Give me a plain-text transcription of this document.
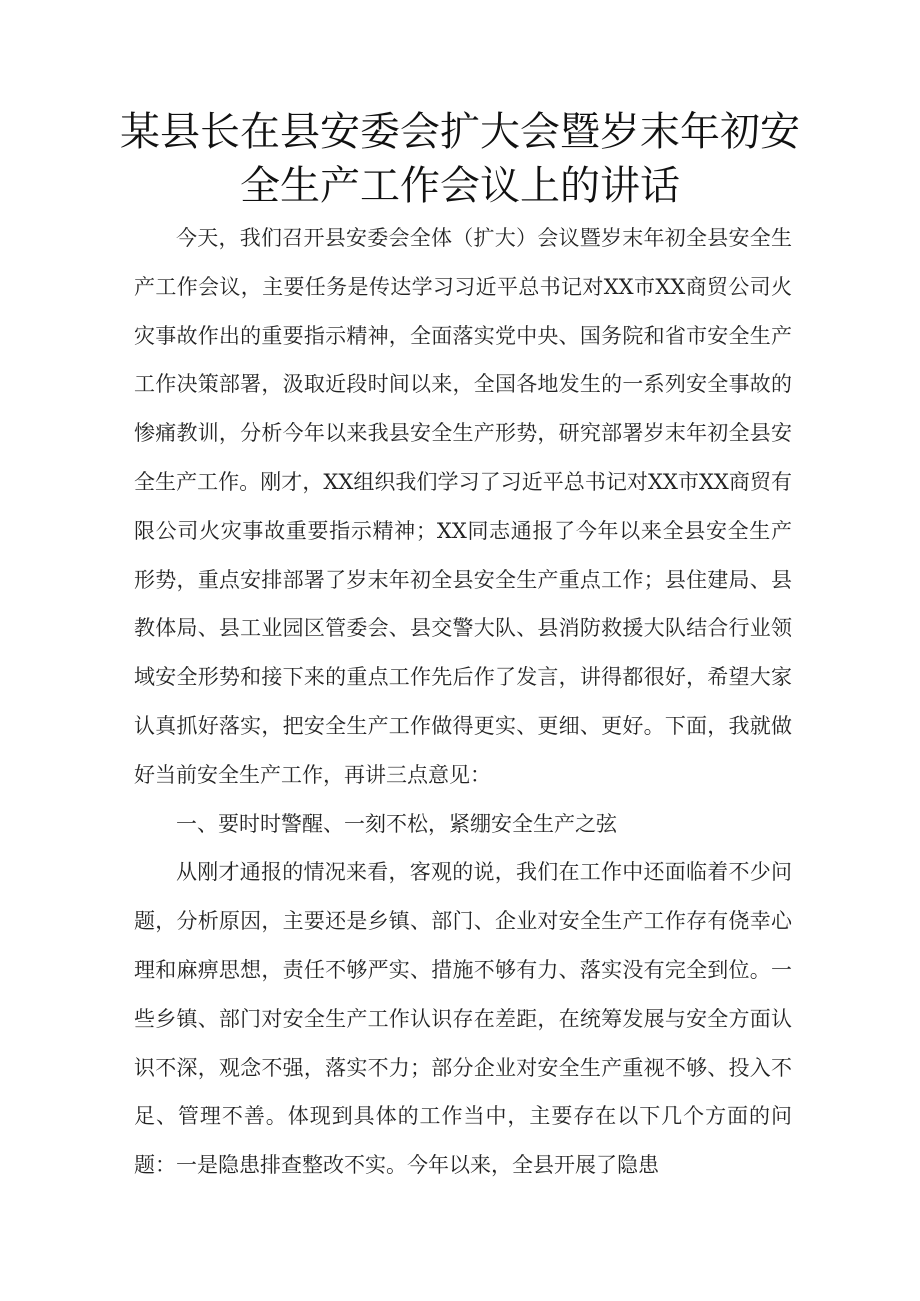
某县长在县安委会扩大会暨岁末年初安全生产工作会议上的讲话

今天，我们召开县安委会全体（扩大）会议暨岁末年初全县安全生产工作会议，主要任务是传达学习习近平总书记对XX市XX商贸公司火灾事故作出的重要指示精神，全面落实党中央、国务院和省市安全生产工作决策部署，汲取近段时间以来，全国各地发生的一系列安全事故的惨痛教训，分析今年以来我县安全生产形势，研究部署岁末年初全县安全生产工作。刚才，XX组织我们学习了习近平总书记对XX市XX商贸有限公司火灾事故重要指示精神；XX同志通报了今年以来全县安全生产形势，重点安排部署了岁末年初全县安全生产重点工作；县住建局、县教体局、县工业园区管委会、县交警大队、县消防救援大队结合行业领域安全形势和接下来的重点工作先后作了发言，讲得都很好，希望大家认真抓好落实，把安全生产工作做得更实、更细、更好。下面，我就做好当前安全生产工作，再讲三点意见：

一、要时时警醒、一刻不松，紧绷安全生产之弦

从刚才通报的情况来看，客观的说，我们在工作中还面临着不少问题，分析原因，主要还是乡镇、部门、企业对安全生产工作存有侥幸心理和麻痹思想，责任不够严实、措施不够有力、落实没有完全到位。一些乡镇、部门对安全生产工作认识存在差距，在统筹发展与安全方面认识不深，观念不强，落实不力；部分企业对安全生产重视不够、投入不足、管理不善。体现到具体的工作当中，主要存在以下几个方面的问题：一是隐患排查整改不实。今年以来，全县开展了隐患
